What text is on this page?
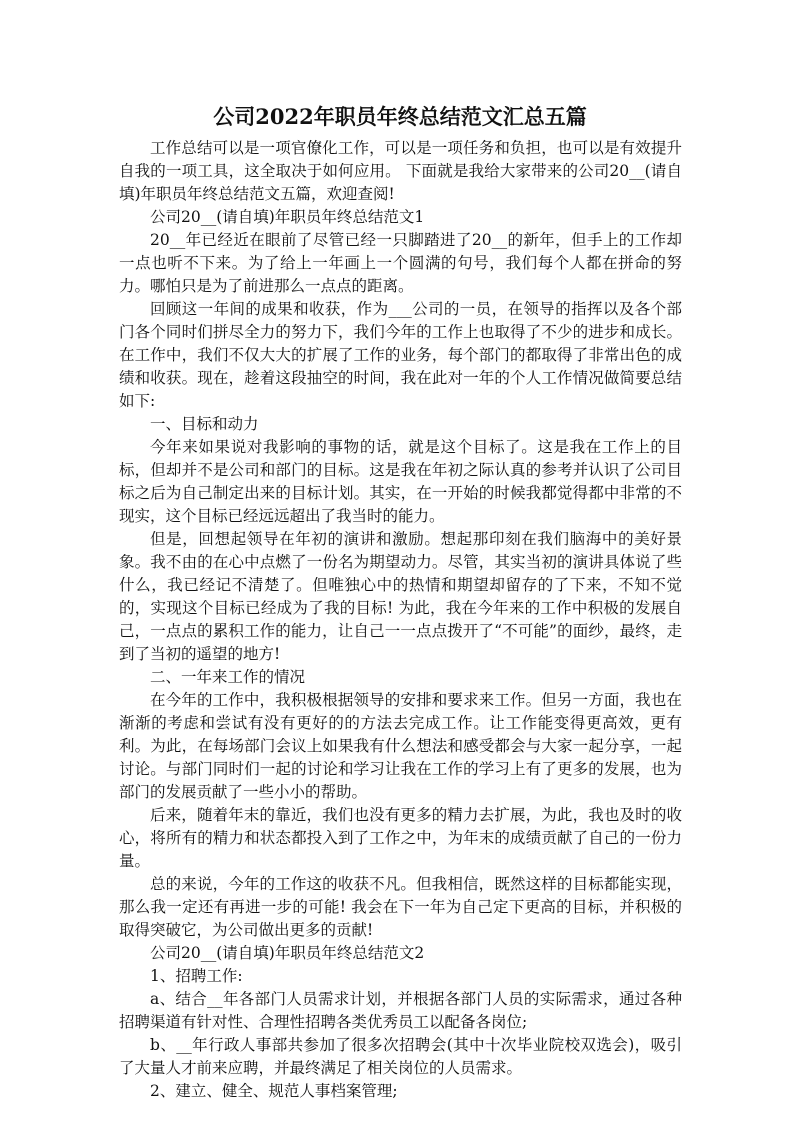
公司2022年职员年终总结范文汇总五篇

工作总结可以是一项官僚化工作，可以是一项任务和负担，也可以是有效提升自我的一项工具，这全取决于如何应用。 下面就是我给大家带来的公司20__(请自填)年职员年终总结范文五篇，欢迎查阅!

公司20__(请自填)年职员年终总结范文1

20__年已经近在眼前了尽管已经一只脚踏进了20__的新年，但手上的工作却一点也听不下来。为了给上一年画上一个圆满的句号，我们每个人都在拼命的努力。哪怕只是为了前进那么一点点的距离。

回顾这一年间的成果和收获，作为___公司的一员，在领导的指挥以及各个部门各个同时们拼尽全力的努力下，我们今年的工作上也取得了不少的进步和成长。在工作中，我们不仅大大的扩展了工作的业务，每个部门的都取得了非常出色的成绩和收获。现在，趁着这段抽空的时间，我在此对一年的个人工作情况做简要总结如下:

一、目标和动力

今年来如果说对我影响的事物的话，就是这个目标了。这是我在工作上的目标，但却并不是公司和部门的目标。这是我在年初之际认真的参考并认识了公司目标之后为自己制定出来的目标计划。其实，在一开始的时候我都觉得都中非常的不现实，这个目标已经远远超出了我当时的能力。

但是，回想起领导在年初的演讲和激励。想起那印刻在我们脑海中的美好景象。我不由的在心中点燃了一份名为期望动力。尽管，其实当初的演讲具体说了些什么，我已经记不清楚了。但唯独心中的热情和期望却留存的了下来，不知不觉的，实现这个目标已经成为了我的目标! 为此，我在今年来的工作中积极的发展自己，一点点的累积工作的能力，让自己一一点点拨开了“不可能”的面纱，最终，走到了当初的遥望的地方!

二、一年来工作的情况

在今年的工作中，我积极根据领导的安排和要求来工作。但另一方面，我也在渐渐的考虑和尝试有没有更好的的方法去完成工作。让工作能变得更高效，更有利。为此，在每场部门会议上如果我有什么想法和感受都会与大家一起分享，一起讨论。与部门同时们一起的讨论和学习让我在工作的学习上有了更多的发展，也为部门的发展贡献了一些小小的帮助。

后来，随着年末的靠近，我们也没有更多的精力去扩展，为此，我也及时的收心，将所有的精力和状态都投入到了工作之中，为年末的成绩贡献了自己的一份力量。

总的来说，今年的工作这的收获不凡。但我相信，既然这样的目标都能实现，那么我一定还有再进一步的可能! 我会在下一年为自己定下更高的目标，并积极的取得突破它，为公司做出更多的贡献!

公司20__(请自填)年职员年终总结范文2

1、招聘工作:

a、结合__年各部门人员需求计划，并根据各部门人员的实际需求，通过各种招聘渠道有针对性、合理性招聘各类优秀员工以配备各岗位;

b、__年行政人事部共参加了很多次招聘会(其中十次毕业院校双选会)，吸引了大量人才前来应聘，并最终满足了相关岗位的人员需求。

2、建立、健全、规范人事档案管理;
